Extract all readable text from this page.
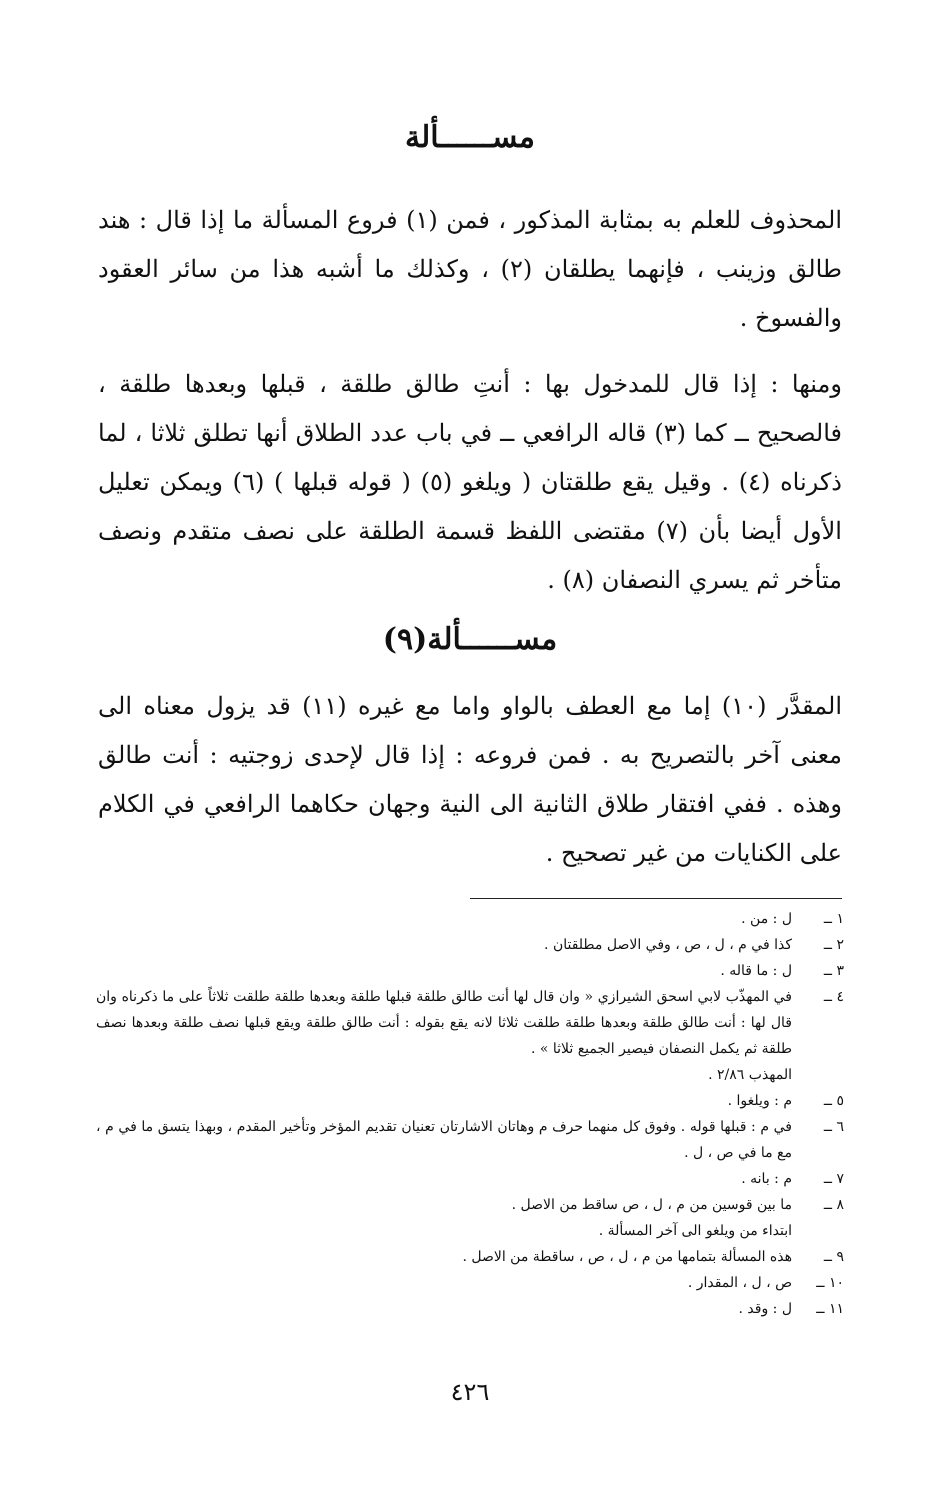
مســــــألة
المحذوف للعلم به بمثابة المذكور ، فمن (١) فروع المسألة ما إذا قال : هند طالق وزينب ، فإنهما يطلقان (٢) ، وكذلك ما أشبه هذا من سائر العقود والفسوخ .
ومنها : إذا قال للمدخول بها : أنتِ طالق طلقة ، قبلها وبعدها طلقة ، فالصحيح ــ كما (٣) قاله الرافعي ــ في باب عدد الطلاق أنها تطلق ثلاثا ، لما ذكرناه (٤) . وقيل يقع طلقتان ( ويلغو (٥) ( قوله قبلها ) (٦) ويمكن تعليل الأول أيضا بأن (٧) مقتضى اللفظ قسمة الطلقة على نصف متقدم ونصف متأخر ثم يسري النصفان (٨) .
مســــــألة(٩)
المقدَّر (١٠) إما مع العطف بالواو واما مع غيره (١١) قد يزول معناه الى معنى آخر بالتصريح به . فمن فروعه : إذا قال لإحدى زوجتيه : أنت طالق وهذه . ففي افتقار طلاق الثانية الى النية وجهان حكاهما الرافعي في الكلام على الكنايات من غير تصحيح .
١ ــ
ل : من .
٢ ــ
كذا في م ، ل ، ص ، وفي الاصل مطلقتان .
٣ ــ
ل : ما قاله .
٤ ــ
في المهذّب لابي اسحق الشيرازي « وان قال لها أنت طالق طلقة قبلها طلقة وبعدها طلقة طلقت ثلاثاً على ما ذكرناه وان قال لها : أنت طالق طلقة وبعدها طلقة طلقت ثلاثا لانه يقع بقوله : أنت طالق طلقة ويقع قبلها نصف طلقة وبعدها نصف طلقة ثم يكمل النصفان فيصير الجميع ثلاثا » .
المهذب ٢/٨٦ .
٥ ــ
م : ويلغوا .
٦ ــ
في م : قبلها قوله . وفوق كل منهما حرف م وهاتان الاشارتان تعنيان تقديم المؤخر وتأخير المقدم ، وبهذا يتسق ما في م ، مع ما في ص ، ل .
٧ ــ
م : بانه .
٨ ــ
ما بين قوسين من م ، ل ، ص ساقط من الاصل .
ابتداء من ويلغو الى آخر المسألة .
٩ ــ
هذه المسألة بتمامها من م ، ل ، ص ، ساقطة من الاصل .
١٠ ــ
ص ، ل ، المقدار .
١١ ــ
ل : وقد .
٤٢٦
